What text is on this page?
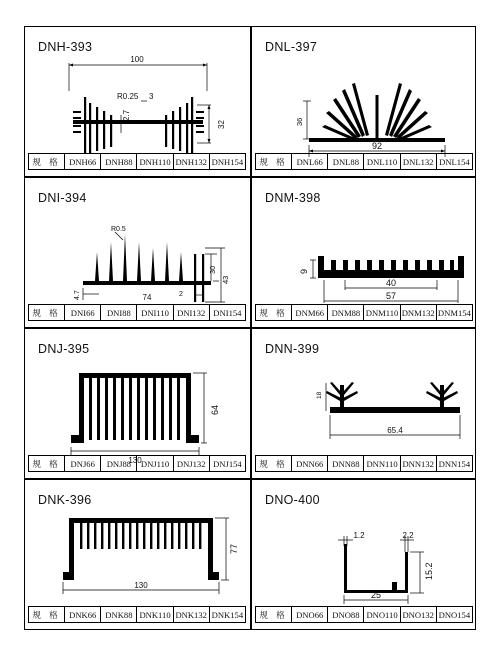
DNH-393
100
R0.25 3
2.7
32
规 格	DNH66	DNH88	DNH110	DNH132	DNH154
DNL-397
36
92
规 格	DNL66	DNL88	DNL110	DNL132	DNL154
DNI-394
R0.5
30
43
4.7	74	2
规 格	DNI66	DNI88	DNI110	DNI132	DNI154
DNM-398
9
40
57
规 格	DNM66	DNM88	DNM110	DNM132	DNM154
DNJ-395
64
130
规 格	DNJ66	DNJ88	DNJ110	DNJ132	DNJ154
DNN-399
18
65.4
规 格	DNN66	DNN88	DNN110	DNN132	DNN154
DNK-396
77
130
规 格	DNK66	DNK88	DNK110	DNK132	DNK154
DNO-400
1.2	2.2
15.2
25
规 格	DNO66	DNO88	DNO110	DNO132	DNO154
